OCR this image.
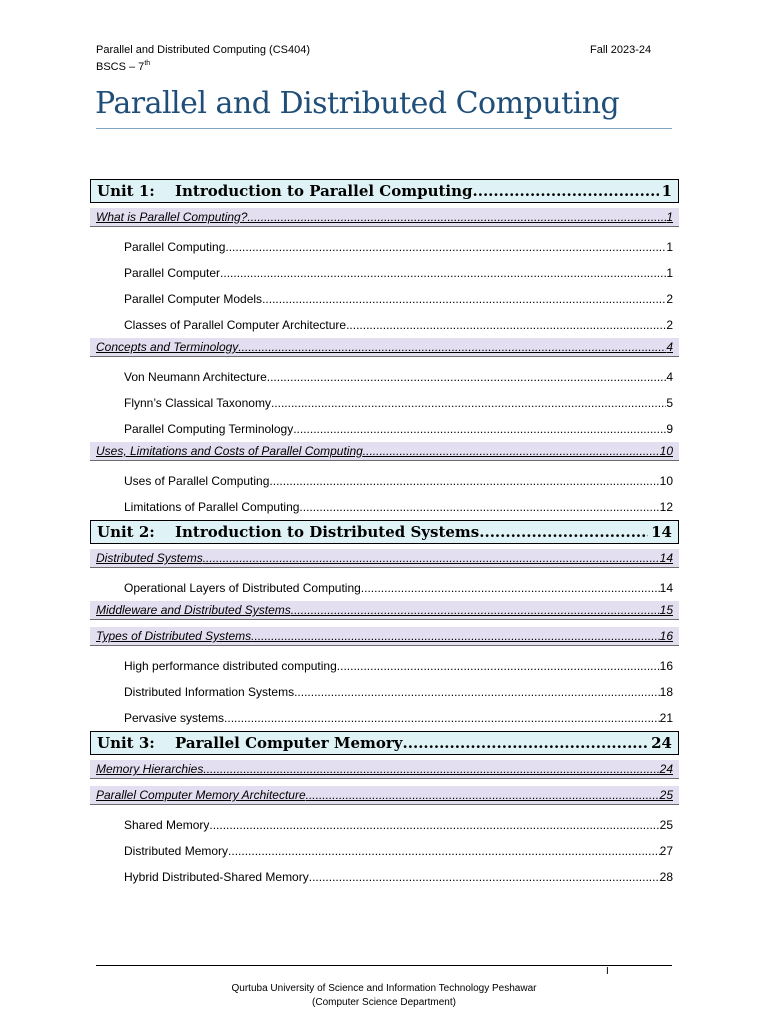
Parallel and Distributed Computing (CS404)
BSCS – 7th
Fall 2023-24
Parallel and Distributed Computing
Unit 1:	Introduction to Parallel Computing .....	1
What is Parallel Computing? .....	1
Parallel Computing .....	1
Parallel Computer .....	1
Parallel Computer Models .....	2
Classes of Parallel Computer Architecture .....	2
Concepts and Terminology .....	4
Von Neumann Architecture .....	4
Flynn’s Classical Taxonomy .....	5
Parallel Computing Terminology .....	9
Uses, Limitations and Costs of Parallel Computing .....	10
Uses of Parallel Computing .....	10
Limitations of Parallel Computing .....	12
Unit 2:	Introduction to Distributed Systems .....	14
Distributed Systems .....	14
Operational Layers of Distributed Computing .....	14
Middleware and Distributed Systems .....	15
Types of Distributed Systems .....	16
High performance distributed computing .....	16
Distributed Information Systems .....	18
Pervasive systems .....	21
Unit 3:	Parallel Computer Memory .....	24
Memory Hierarchies .....	24
Parallel Computer Memory Architecture .....	25
Shared Memory .....	25
Distributed Memory .....	27
Hybrid Distributed-Shared Memory .....	28
I
Qurtuba University of Science and Information Technology Peshawar
(Computer Science Department)
